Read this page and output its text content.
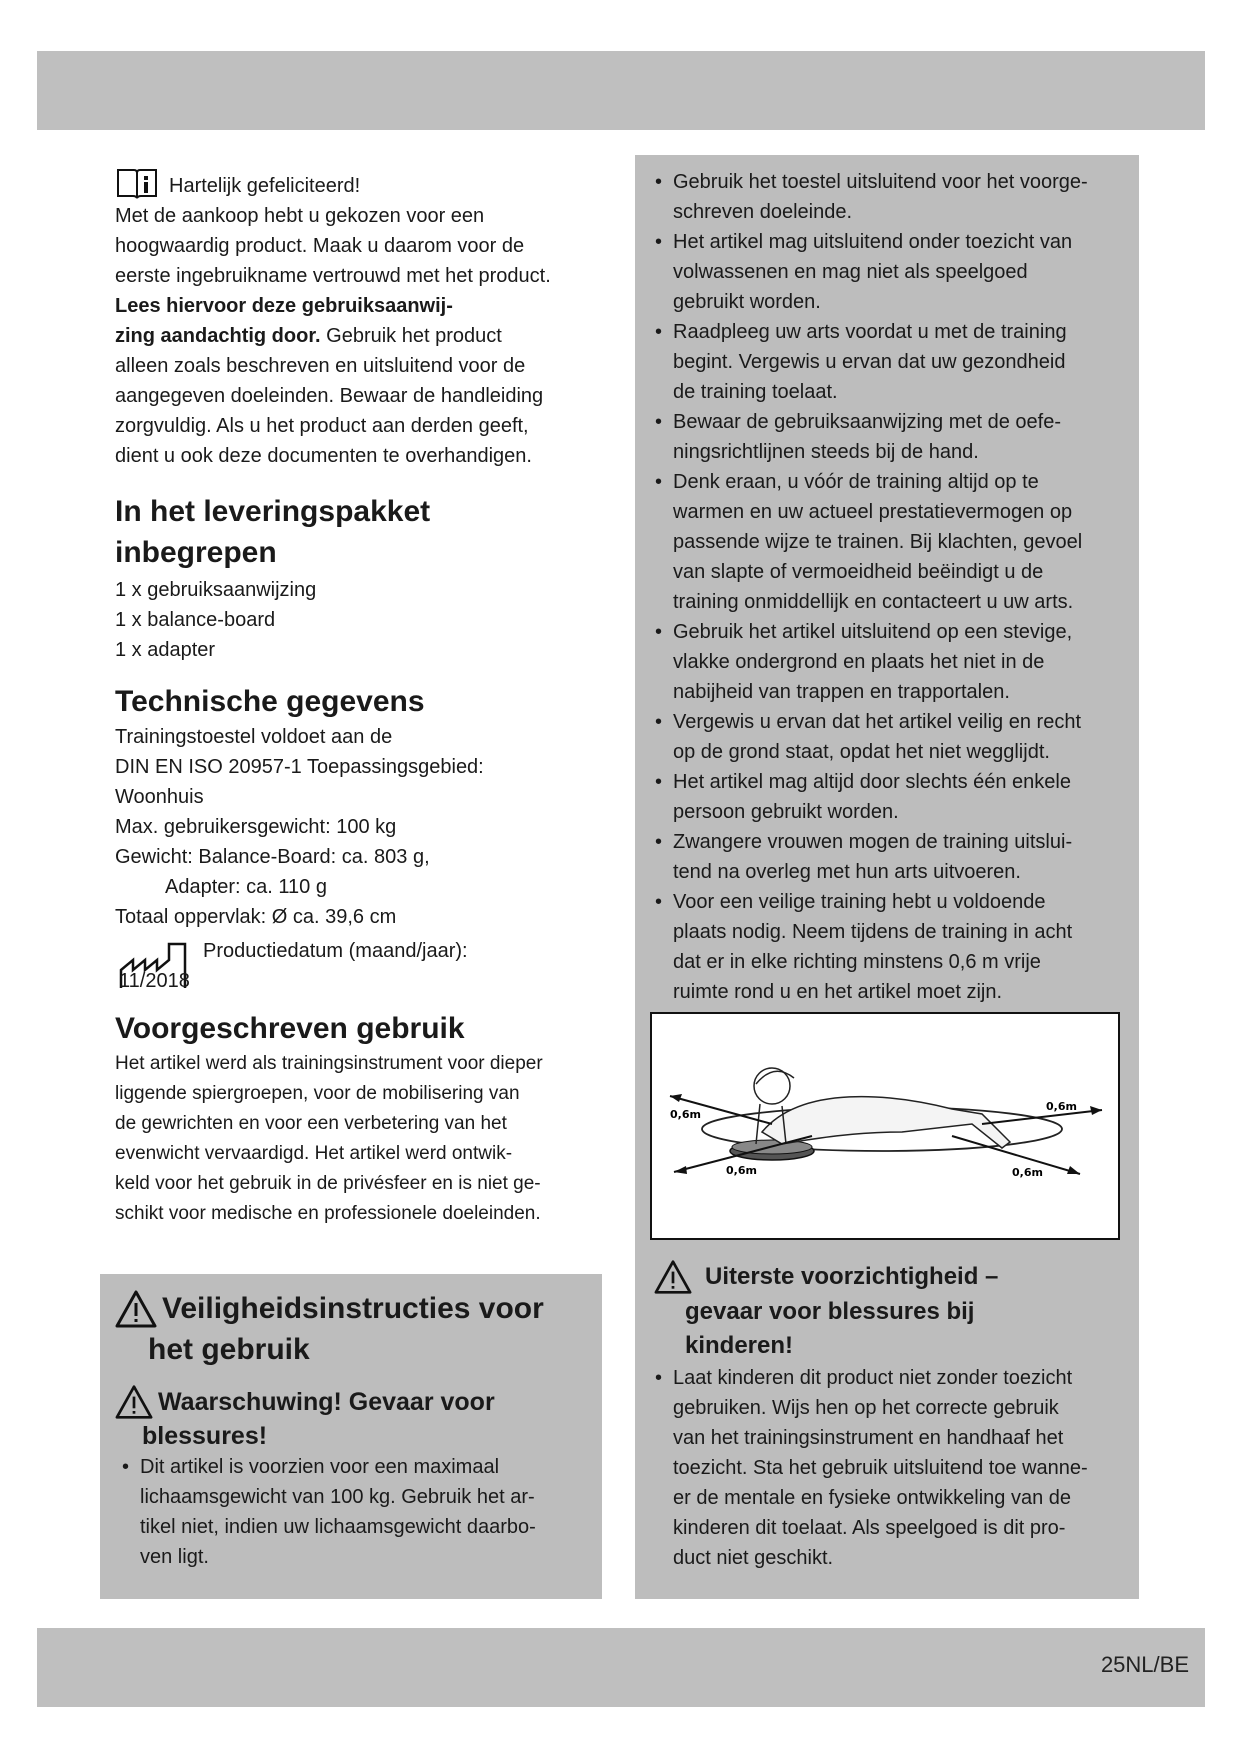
Hartelijk gefeliciteerd!
Met de aankoop hebt u gekozen voor een
hoogwaardig product. Maak u daarom voor de
eerste ingebruikname vertrouwd met het product.
Lees hiervoor deze gebruiksaanwij-
zing aandachtig door. Gebruik het product
alleen zoals beschreven en uitsluitend voor de
aangegeven doeleinden. Bewaar de handleiding
zorgvuldig. Als u het product aan derden geeft,
dient u ook deze documenten te overhandigen.
In het leveringspakket
inbegrepen
1 x gebruiksaanwijzing
1 x balance-board
1 x adapter
Technische gegevens
Trainingstoestel voldoet aan de
DIN EN ISO 20957-1 Toepassingsgebied:
Woonhuis
Max. gebruikersgewicht: 100 kg
Gewicht: Balance-Board: ca. 803 g,
Adapter: ca. 110 g
Totaal oppervlak: Ø ca. 39,6 cm
Productiedatum (maand/jaar):
11/2018
Voorgeschreven gebruik
Het artikel werd als trainingsinstrument voor dieper
liggende spiergroepen, voor de mobilisering van
de gewrichten en voor een verbetering van het
evenwicht vervaardigd. Het artikel werd ontwik-
keld voor het gebruik in de privésfeer en is niet ge-
schikt voor medische en professionele doeleinden.
Veiligheidsinstructies voor
het gebruik
Waarschuwing! Gevaar voor
blessures!
• Dit artikel is voorzien voor een maximaal
lichaamsgewicht van 100 kg. Gebruik het ar-
tikel niet, indien uw lichaamsgewicht daarbo-
ven ligt.
• Gebruik het toestel uitsluitend voor het voorge-
schreven doeleinde.
• Het artikel mag uitsluitend onder toezicht van
volwassenen en mag niet als speelgoed
gebruikt worden.
• Raadpleeg uw arts voordat u met de training
begint. Vergewis u ervan dat uw gezondheid
de training toelaat.
• Bewaar de gebruiksaanwijzing met de oefe-
ningsrichtlijnen steeds bij de hand.
• Denk eraan, u vóór de training altijd op te
warmen en uw actueel prestatievermogen op
passende wijze te trainen. Bij klachten, gevoel
van slapte of vermoeidheid beëindigt u de
training onmiddellijk en contacteert u uw arts.
• Gebruik het artikel uitsluitend op een stevige,
vlakke ondergrond en plaats het niet in de
nabijheid van trappen en trapportalen.
• Vergewis u ervan dat het artikel veilig en recht
op de grond staat, opdat het niet wegglijdt.
• Het artikel mag altijd door slechts één enkele
persoon gebruikt worden.
• Zwangere vrouwen mogen de training uitslui-
tend na overleg met hun arts uitvoeren.
• Voor een veilige training hebt u voldoende
plaats nodig. Neem tijdens de training in acht
dat er in elke richting minstens 0,6 m vrije
ruimte rond u en het artikel moet zijn.
Uiterste voorzichtigheid –
gevaar voor blessures bij
kinderen!
• Laat kinderen dit product niet zonder toezicht
gebruiken. Wijs hen op het correcte gebruik
van het trainingsinstrument en handhaaf het
toezicht. Sta het gebruik uitsluitend toe wanne-
er de mentale en fysieke ontwikkeling van de
kinderen dit toelaat. Als speelgoed is dit pro-
duct niet geschikt.
0,6m
0,6m
0,6m	0,6m
25NL/BE
